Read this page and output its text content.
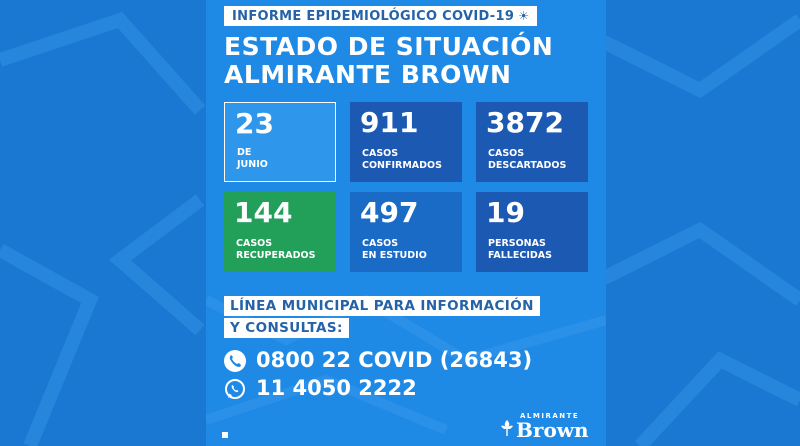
INFORME EPIDEMIOLÓGICO COVID-19 ☀
ESTADO DE SITUACIÓN
ALMIRANTE BROWN
23
DE
JUNIO
911
CASOS
CONFIRMADOS
3872
CASOS
DESCARTADOS
144
CASOS
RECUPERADOS
497
CASOS
EN ESTUDIO
19
PERSONAS
FALLECIDAS
LÍNEA MUNICIPAL PARA INFORMACIÓN
Y CONSULTAS:
0800 22 COVID (26843)
11 4050 2222
ALMIRANTE
Brown
